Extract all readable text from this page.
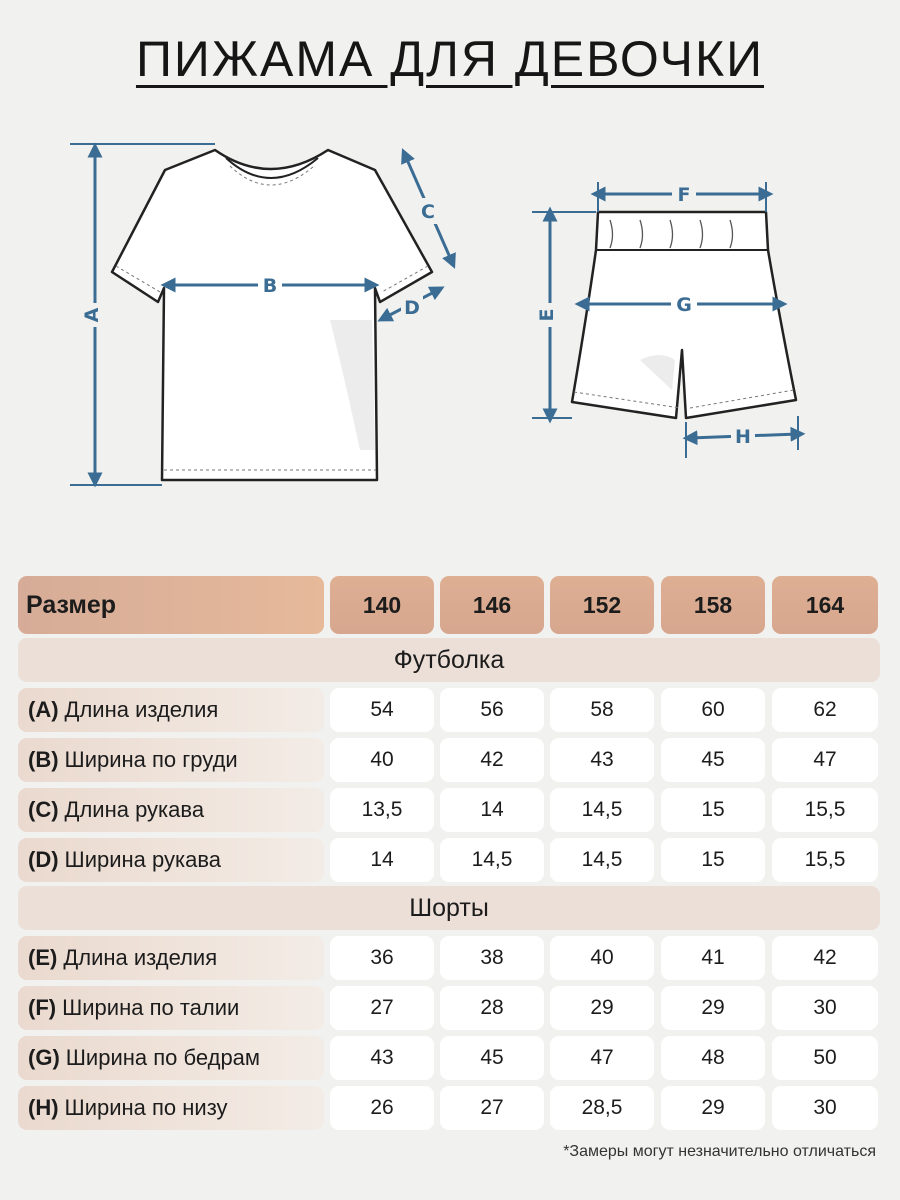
ПИЖАМА ДЛЯ ДЕВОЧКИ
A
B
C
D
F
E	G
H
Размер	140	146	152	158	164
Футболка
(A) Длина изделия	54	56	58	60	62
(B) Ширина по груди	40	42	43	45	47
(C) Длина рукава	13,5	14	14,5	15	15,5
(D) Ширина рукава	14	14,5	14,5	15	15,5
Шорты
(E) Длина изделия	36	38	40	41	42
(F) Ширина по талии	27	28	29	29	30
(G) Ширина по бедрам	43	45	47	48	50
(H) Ширина по низу	26	27	28,5	29	30
*Замеры могут незначительно отличаться
